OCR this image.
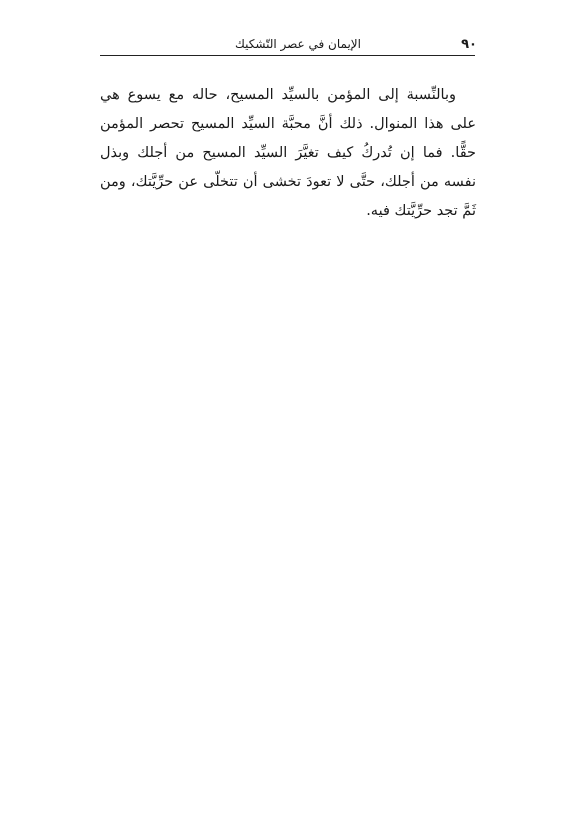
٩٠
الإيمان في عصر التّشكيك

وبالنِّسبة إلى المؤمن بالسيِّد المسيح، حاله مع يسوع هي على هذا المنوال. ذلك أنَّ محبَّة السيِّد المسيح تحصر المؤمن حقًّا. فما إن تُدركُ كيف تغيَّرَ السيِّد المسيح من أجلك وبذل نفسه من أجلك، حتَّى لا تعودَ تخشى أن تتخلّى عن حرِّيَّتك، ومن ثَمَّ تجد حرِّيَّتك فيه.
